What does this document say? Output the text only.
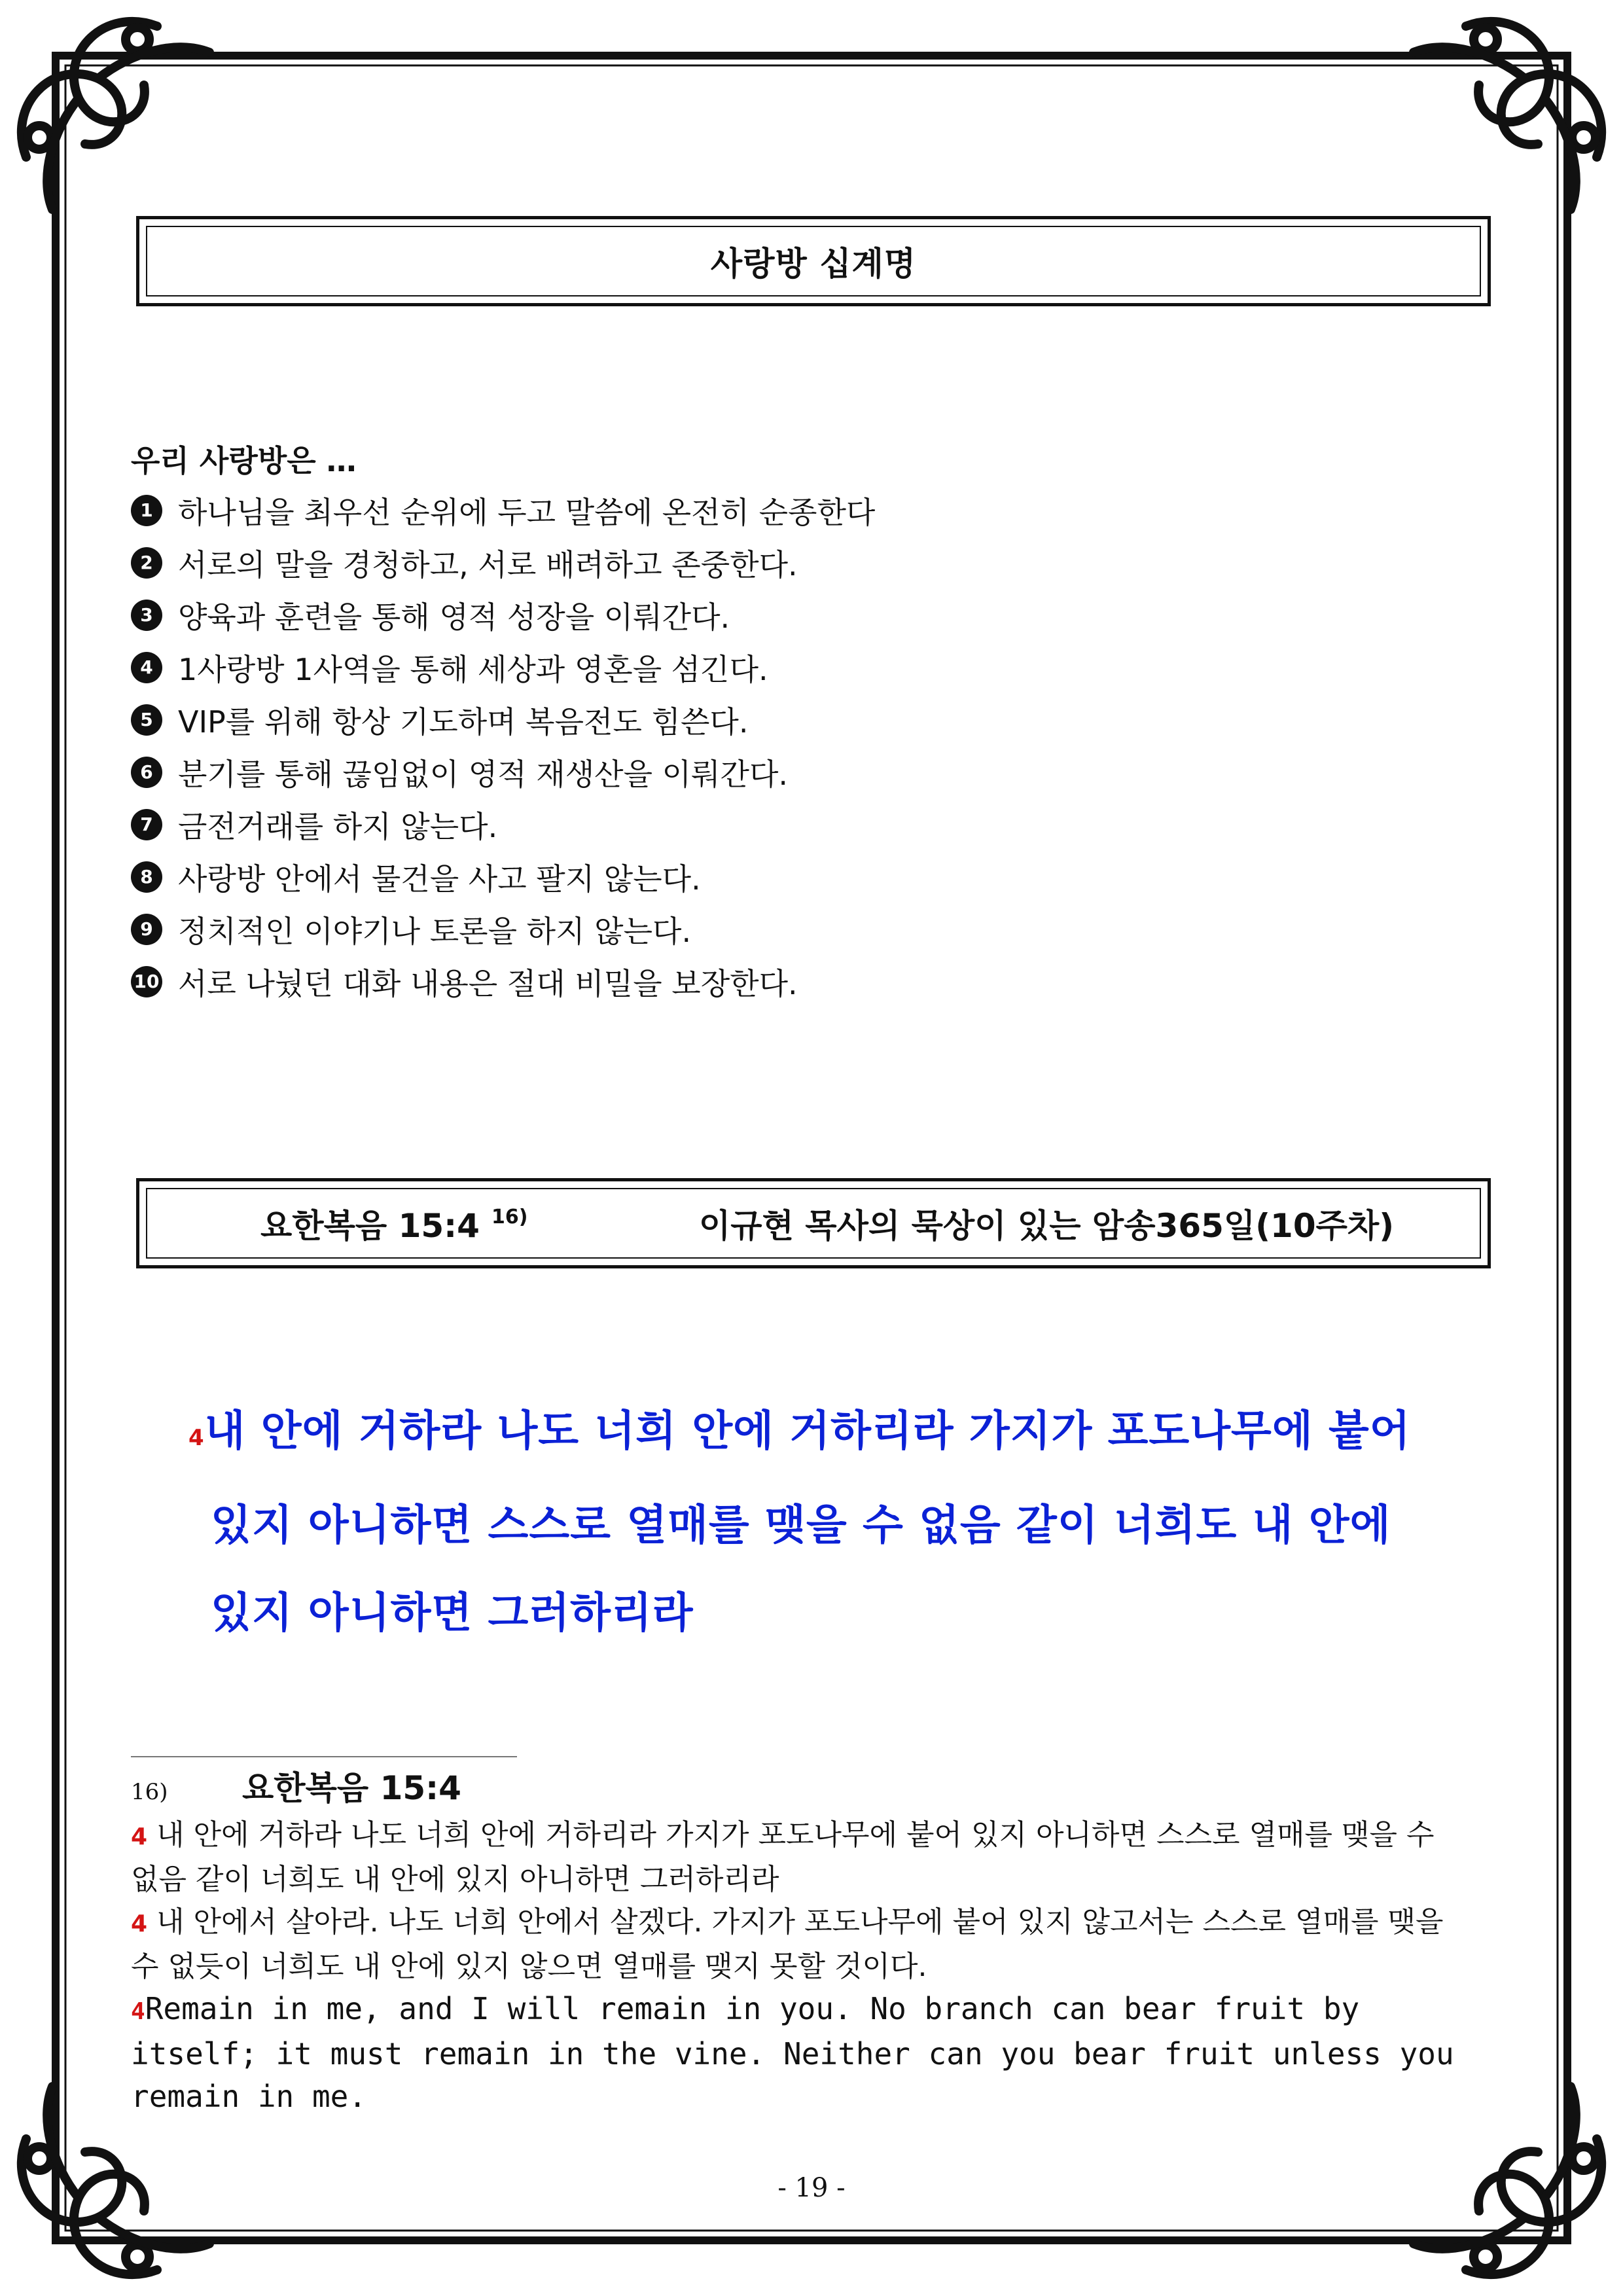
사랑방 십계명
우리 사랑방은 …
1 하나님을 최우선 순위에 두고 말씀에 온전히 순종한다
2 서로의 말을 경청하고, 서로 배려하고 존중한다.
3 양육과 훈련을 통해 영적 성장을 이뤄간다.
4 1사랑방 1사역을 통해 세상과 영혼을 섬긴다.
5 VIP를 위해 항상 기도하며 복음전도 힘쓴다.
6 분기를 통해 끊임없이 영적 재생산을 이뤄간다.
7 금전거래를 하지 않는다.
8 사랑방 안에서 물건을 사고 팔지 않는다.
9 정치적인 이야기나 토론을 하지 않는다.
10 서로 나눴던 대화 내용은 절대 비밀을 보장한다.
요한복음 15:4 $^{16)}$	이규현 목사의 묵상이 있는 암송365일(10주차)
4내 안에 거하라 나도 너희 안에 거하리라 가지가 포도나무에 붙어
있지 아니하면 스스로 열매를 맺을 수 없음 같이 너희도 내 안에
있지 아니하면 그러하리라
16)	요한복음 15:4

4 내 안에 거하라 나도 너희 안에 거하리라 가지가 포도나무에 붙어 있지 아니하면 스스로 열매를 맺을 수 없음 같이 너희도 내 안에 있지 아니하면 그러하리라

4 내 안에서 살아라. 나도 너희 안에서 살겠다. 가지가 포도나무에 붙어 있지 않고서는 스스로 열매를 맺을 수 없듯이 너희도 내 안에 있지 않으면 열매를 맺지 못할 것이다.

4Remain in me, and I will remain in you. No branch can bear fruit by itself; it must remain in the vine. Neither can you bear fruit unless you remain in me.

- 19 -
